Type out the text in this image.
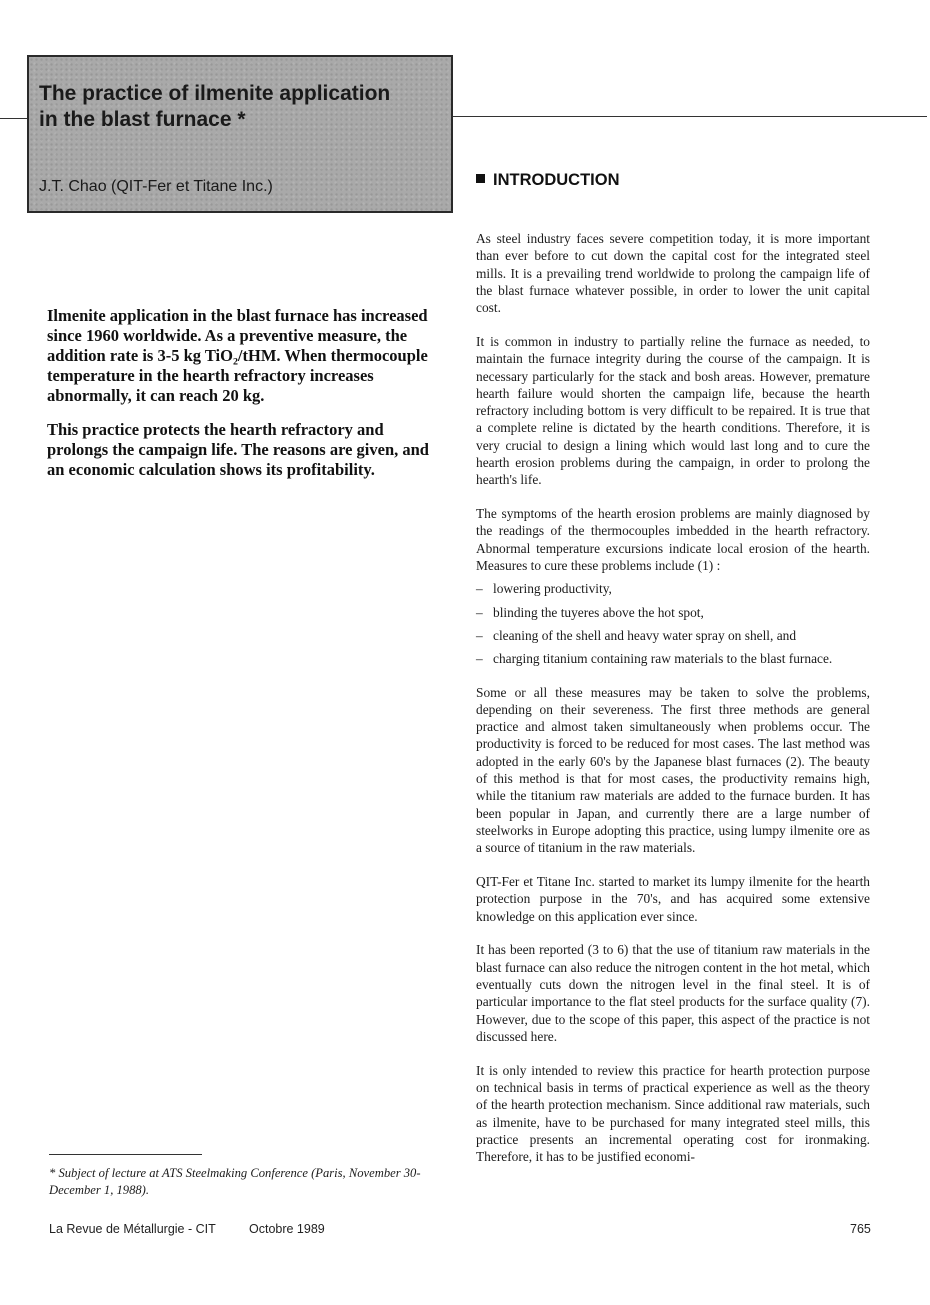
The practice of ilmenite application
in the blast furnace *

J.T. Chao (QIT-Fer et Titane Inc.)	INTRODUCTION

Ilmenite application in the blast furnace has increased since 1960 worldwide. As a preventive measure, the addition rate is 3-5 kg TiO₂/tHM. When thermocouple temperature in the hearth refractory increases abnormally, it can reach 20 kg.

This practice protects the hearth refractory and prolongs the campaign life. The reasons are given, and an economic calculation shows its profitability.

As steel industry faces severe competition today, it is more important than ever before to cut down the capital cost for the integrated steel mills. It is a prevailing trend worldwide to prolong the campaign life of the blast furnace whatever possible, in order to lower the unit capital cost.

It is common in industry to partially reline the furnace as needed, to maintain the furnace integrity during the course of the campaign. It is necessary particularly for the stack and bosh areas. However, premature hearth failure would shorten the campaign life, because the hearth refractory including bottom is very difficult to be repaired. It is true that a complete reline is dictated by the hearth conditions. Therefore, it is very crucial to design a lining which would last long and to cure the hearth erosion problems during the campaign, in order to prolong the hearth's life.

The symptoms of the hearth erosion problems are mainly diagnosed by the readings of the thermocouples imbedded in the hearth refractory. Abnormal temperature excursions indicate local erosion of the hearth. Measures to cure these problems include (1) :

– lowering productivity,
– blinding the tuyeres above the hot spot,
– cleaning of the shell and heavy water spray on shell, and
– charging titanium containing raw materials to the blast furnace.

Some or all these measures may be taken to solve the problems, depending on their severeness. The first three methods are general practice and almost taken simultaneously when problems occur. The productivity is forced to be reduced for most cases. The last method was adopted in the early 60's by the Japanese blast furnaces (2). The beauty of this method is that for most cases, the productivity remains high, while the titanium raw materials are added to the furnace burden. It has been popular in Japan, and currently there are a large number of steelworks in Europe adopting this practice, using lumpy ilmenite ore as a source of titanium in the raw materials.

QIT-Fer et Titane Inc. started to market its lumpy ilmenite for the hearth protection purpose in the 70's, and has acquired some extensive knowledge on this application ever since.

It has been reported (3 to 6) that the use of titanium raw materials in the blast furnace can also reduce the nitrogen content in the hot metal, which eventually cuts down the nitrogen level in the final steel. It is of particular importance to the flat steel products for the surface quality (7). However, due to the scope of this paper, this aspect of the practice is not discussed here.

It is only intended to review this practice for hearth protection purpose on technical basis in terms of practical experience as well as the theory of the hearth protection mechanism. Since additional raw materials, such as ilmenite, have to be purchased for many integrated steel mills, this practice presents an incremental operating cost for ironmaking. Therefore, it has to be justified economi-

* Subject of lecture at ATS Steelmaking Conference (Paris, November 30-December 1, 1988).
La Revue de Métallurgie - CIT	Octobre 1989	765
